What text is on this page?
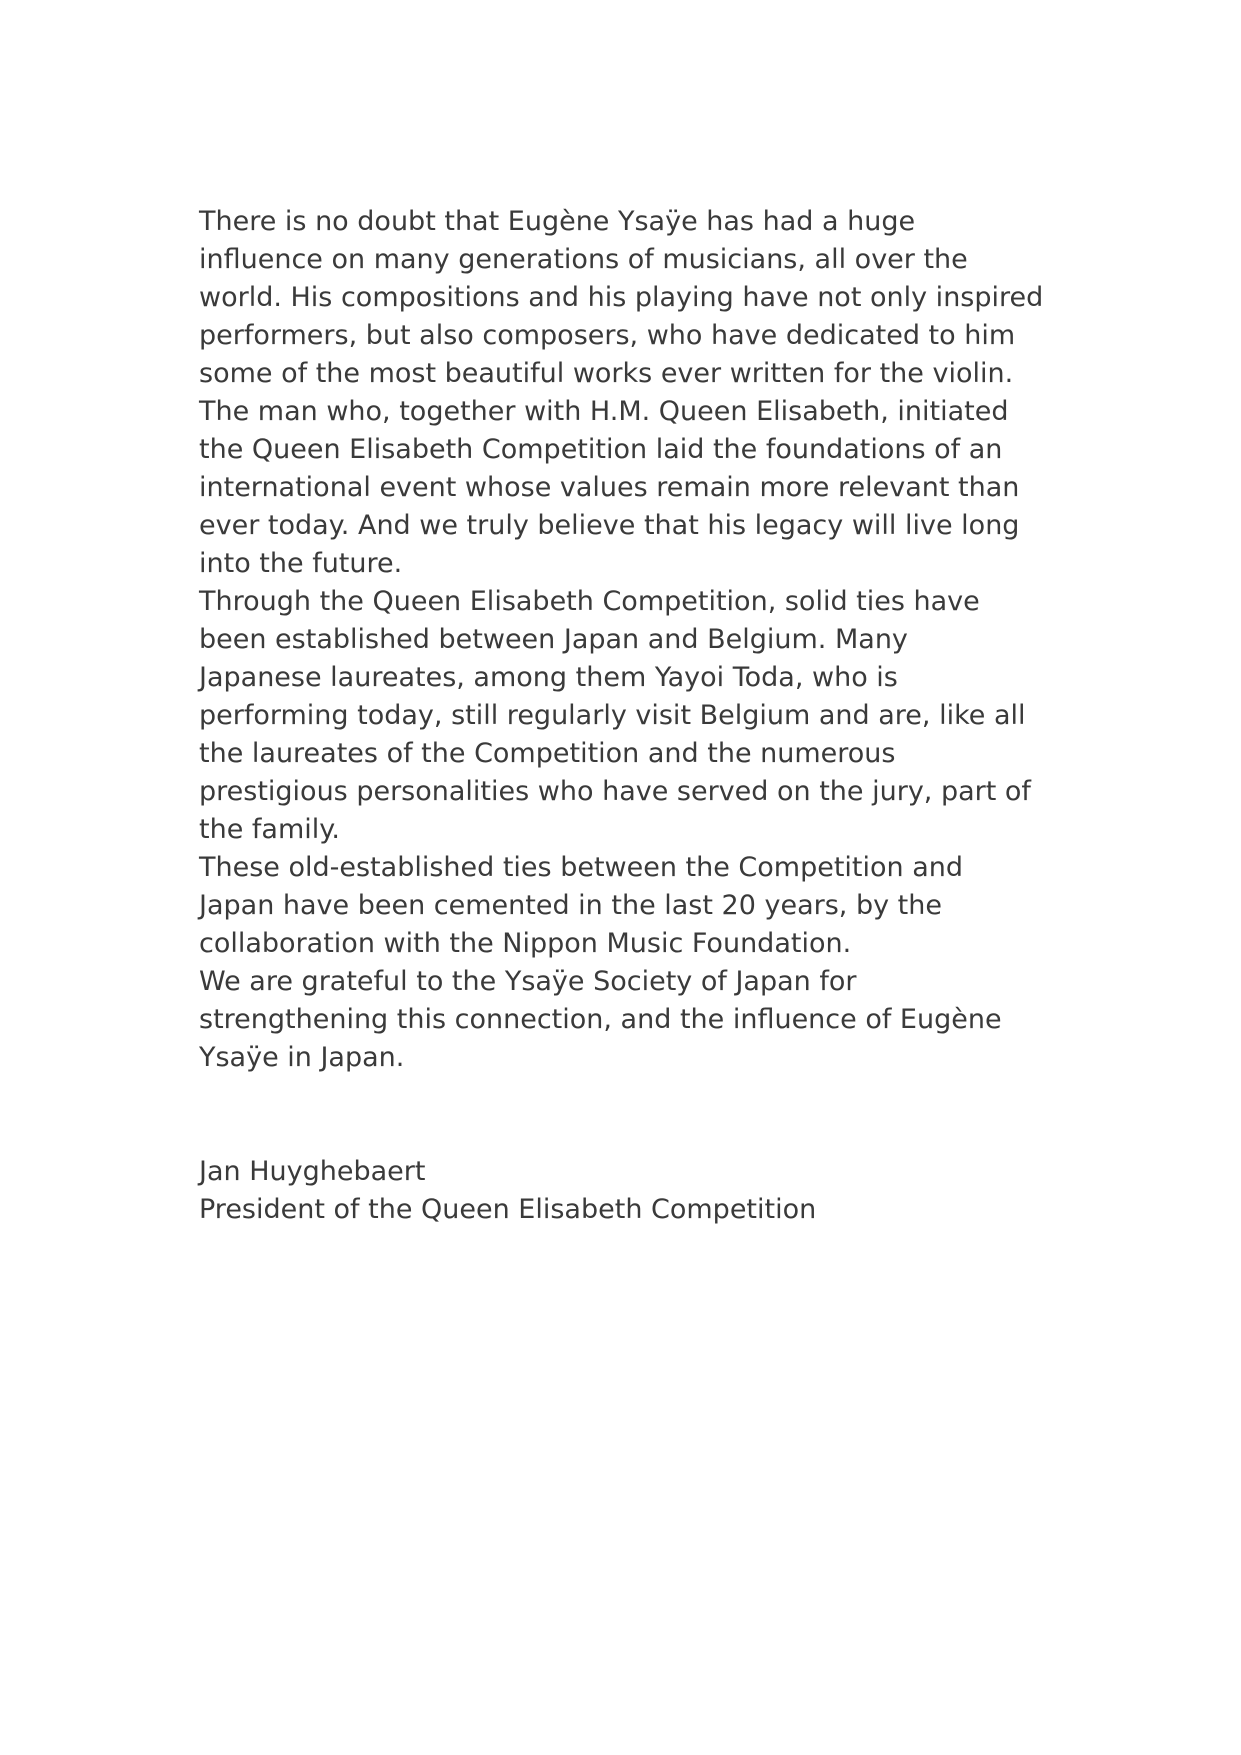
There is no doubt that Eugène Ysaÿe has had a huge
influence on many generations of musicians, all over the
world. His compositions and his playing have not only inspired
performers, but also composers, who have dedicated to him
some of the most beautiful works ever written for the violin.
The man who, together with H.M. Queen Elisabeth, initiated
the Queen Elisabeth Competition laid the foundations of an
international event whose values remain more relevant than
ever today. And we truly believe that his legacy will live long
into the future.
Through the Queen Elisabeth Competition, solid ties have
been established between Japan and Belgium. Many
Japanese laureates, among them Yayoi Toda, who is
performing today, still regularly visit Belgium and are, like all
the laureates of the Competition and the numerous
prestigious personalities who have served on the jury, part of
the family.
These old-established ties between the Competition and
Japan have been cemented in the last 20 years, by the
collaboration with the Nippon Music Foundation.
We are grateful to the Ysaÿe Society of Japan for
strengthening this connection, and the influence of Eugène
Ysaÿe in Japan.
Jan Huyghebaert
President of the Queen Elisabeth Competition
